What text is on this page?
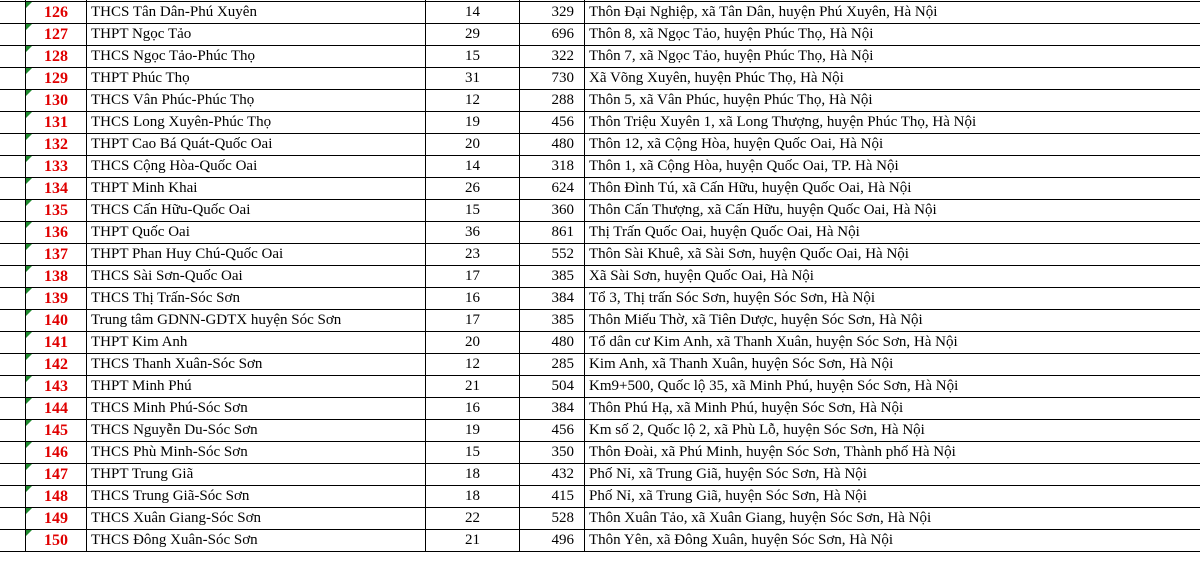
126	THCS Tân Dân-Phú Xuyên	14	329	Thôn Đại Nghiệp, xã Tân Dân, huyện Phú Xuyên, Hà Nội

127	THPT Ngọc Tảo	29	696	Thôn 8, xã Ngọc Tảo, huyện Phúc Thọ, Hà Nội

128	THCS Ngọc Tảo-Phúc Thọ	15	322	Thôn 7, xã Ngọc Tảo, huyện Phúc Thọ, Hà Nội

129	THPT Phúc Thọ	31	730	Xã Võng Xuyên, huyện Phúc Thọ, Hà Nội

130	THCS Vân Phúc-Phúc Thọ	12	288	Thôn 5, xã Vân Phúc, huyện Phúc Thọ, Hà Nội

131	THCS Long Xuyên-Phúc Thọ	19	456	Thôn Triệu Xuyên 1, xã Long Thượng, huyện Phúc Thọ, Hà Nội

132	THPT Cao Bá Quát-Quốc Oai	20	480	Thôn 12, xã Cộng Hòa, huyện Quốc Oai, Hà Nội

133	THCS Cộng Hòa-Quốc Oai	14	318	Thôn 1, xã Cộng Hòa, huyện Quốc Oai, TP. Hà Nội

134	THPT Minh Khai	26	624	Thôn Đình Tú, xã Cấn Hữu, huyện Quốc Oai, Hà Nội

135	THCS Cấn Hữu-Quốc Oai	15	360	Thôn Cấn Thượng, xã Cấn Hữu, huyện Quốc Oai, Hà Nội

136	THPT Quốc Oai	36	861	Thị Trấn Quốc Oai, huyện Quốc Oai, Hà Nội

137	THPT Phan Huy Chú-Quốc Oai	23	552	Thôn Sài Khuê, xã Sài Sơn, huyện Quốc Oai, Hà Nội

138	THCS Sài Sơn-Quốc Oai	17	385	Xã Sài Sơn, huyện Quốc Oai, Hà Nội

139	THCS Thị Trấn-Sóc Sơn	16	384	Tổ 3, Thị trấn Sóc Sơn, huyện Sóc Sơn, Hà Nội

140	Trung tâm GDNN-GDTX huyện Sóc Sơn	17	385	Thôn Miếu Thờ, xã Tiên Dược, huyện Sóc Sơn, Hà Nội

141	THPT Kim Anh	20	480	Tổ dân cư Kim Anh, xã Thanh Xuân, huyện Sóc Sơn, Hà Nội

142	THCS Thanh Xuân-Sóc Sơn	12	285	Kim Anh, xã Thanh Xuân, huyện Sóc Sơn, Hà Nội

143	THPT Minh Phú	21	504	Km9+500, Quốc lộ 35, xã Minh Phú, huyện Sóc Sơn, Hà Nội

144	THCS Minh Phú-Sóc Sơn	16	384	Thôn Phú Hạ, xã Minh Phú, huyện Sóc Sơn, Hà Nội

145	THCS Nguyễn Du-Sóc Sơn	19	456	Km số 2, Quốc lộ 2, xã Phù Lỗ, huyện Sóc Sơn, Hà Nội

146	THCS Phù Minh-Sóc Sơn	15	350	Thôn Đoài, xã Phú Minh, huyện Sóc Sơn, Thành phố Hà Nội

147	THPT Trung Giã	18	432	Phố Nỉ, xã Trung Giã, huyện Sóc Sơn, Hà Nội

148	THCS Trung Giã-Sóc Sơn	18	415	Phố Nỉ, xã Trung Giã, huyện Sóc Sơn, Hà Nội

149	THCS Xuân Giang-Sóc Sơn	22	528	Thôn Xuân Tảo, xã Xuân Giang, huyện Sóc Sơn, Hà Nội

150	THCS Đông Xuân-Sóc Sơn	21	496	Thôn Yên, xã Đông Xuân, huyện Sóc Sơn, Hà Nội
